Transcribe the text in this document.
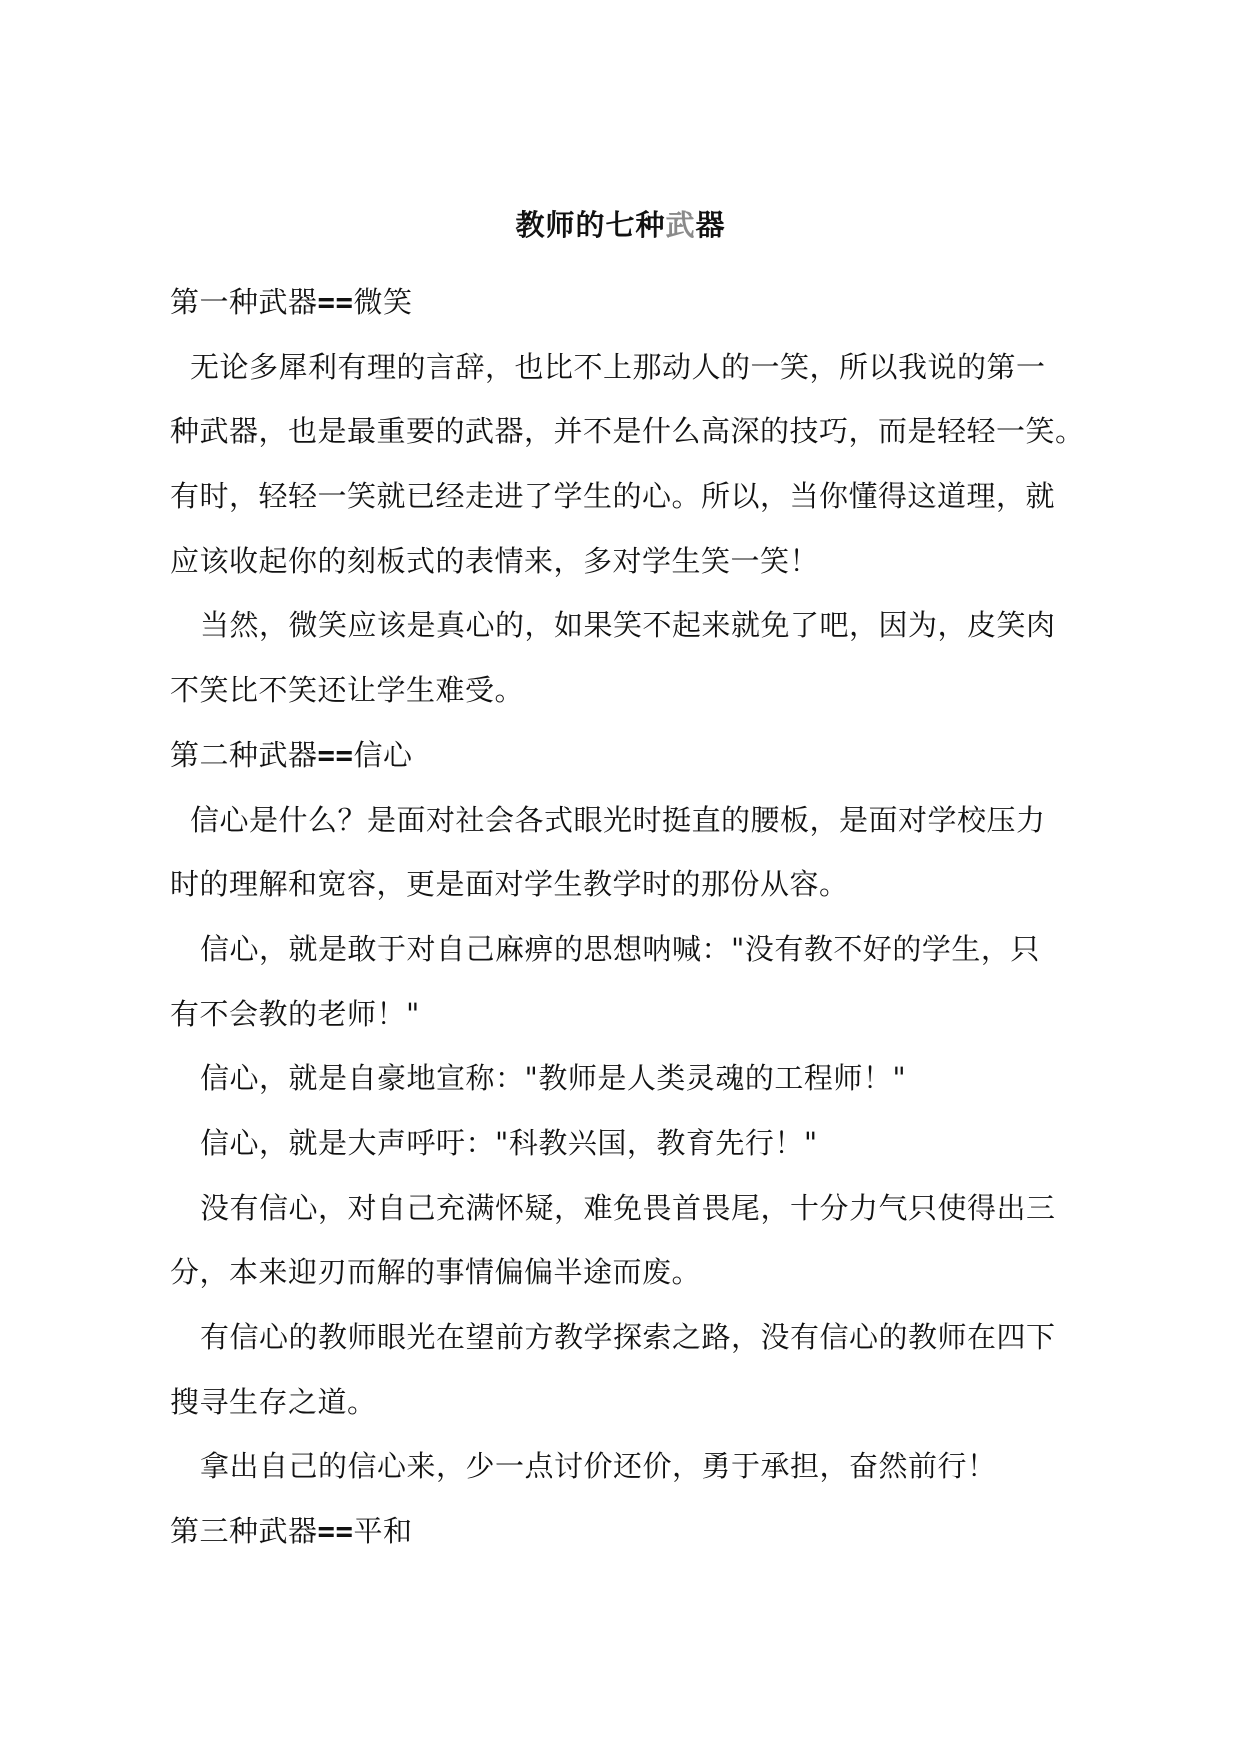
教师的七种武器
第一种武器==微笑
无论多犀利有理的言辞，也比不上那动人的一笑，所以我说的第一
种武器，也是最重要的武器，并不是什么高深的技巧，而是轻轻一笑。
有时，轻轻一笑就已经走进了学生的心。所以，当你懂得这道理，就
应该收起你的刻板式的表情来，多对学生笑一笑！
当然，微笑应该是真心的，如果笑不起来就免了吧，因为，皮笑肉
不笑比不笑还让学生难受。
第二种武器==信心
信心是什么？是面对社会各式眼光时挺直的腰板，是面对学校压力
时的理解和宽容，更是面对学生教学时的那份从容。
信心，就是敢于对自己麻痹的思想呐喊："没有教不好的学生，只
有不会教的老师！"
信心，就是自豪地宣称："教师是人类灵魂的工程师！"
信心，就是大声呼吁："科教兴国，教育先行！"
没有信心，对自己充满怀疑，难免畏首畏尾，十分力气只使得出三
分，本来迎刃而解的事情偏偏半途而废。
有信心的教师眼光在望前方教学探索之路，没有信心的教师在四下
搜寻生存之道。
拿出自己的信心来，少一点讨价还价，勇于承担，奋然前行！
第三种武器==平和
